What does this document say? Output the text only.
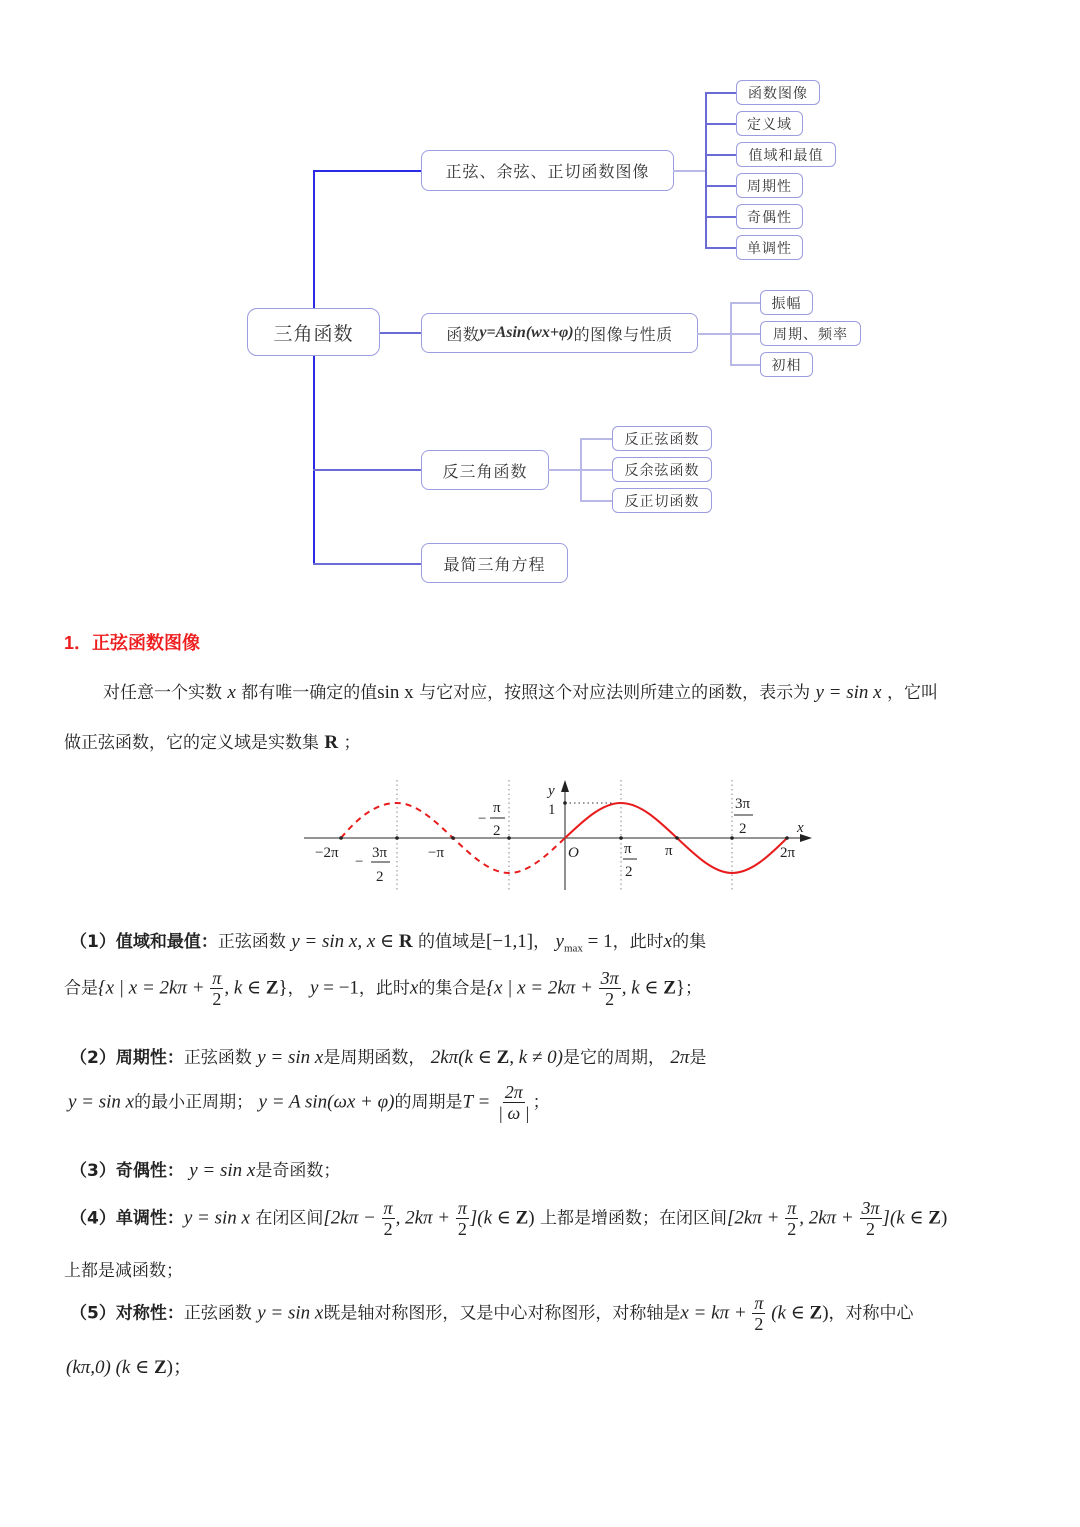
三角函数
正弦、余弦、正切函数图像
函数图像
定义域
值域和最值
周期性
奇偶性
单调性
函数 y=Asin(wx+φ) 的图像与性质
振幅
周期、频率
初相
反三角函数
反正弦函数
反余弦函数
反正切函数
最简三角方程
1．正弦函数图像
对任意一个实数 x 都有唯一确定的值sin x 与它对应，按照这个对应法则所建立的函数，表示为 y = sin x ，它叫
做正弦函数，它的定义域是实数集 R ；
−2π
−
3π
2
−π
−
π
2
1
y
O	π
2
π
3π
2	x
2π
（1）值域和最值：正弦函数 y = sin x, x ∈ R 的值域是[−1,1]， $y_{max} = 1$，此时x的集
合是{x | $x = 2k\pi + \frac{\pi}{2}$ , k ∈ Z}， y = −1，此时x的集合是{x | $x = 2k\pi + \frac{3\pi}{2}$ , k ∈ Z}；
（2）周期性：正弦函数 y = sin x是周期函数， 2kπ(k ∈ Z, k ≠ 0)是它的周期， 2π是
y = sin x的最小正周期； y = A sin(ωx + φ)的周期是$T = \frac{2\pi}{| \omega |}$ ；
（3）奇偶性： y = sin x是奇函数；
（4）单调性：y = sin x 在闭区间[$2k\pi - \frac{\pi}{2}$ , $2k\pi + \frac{\pi}{2} ](k$ ∈ Z) 上都是增函数；在闭区间[$2k\pi + \frac{\pi}{2}$ , $2k\pi + \frac{3\pi}{2} ](k$ ∈ Z)
上都是减函数；
（5）对称性：正弦函数 y = sin x既是轴对称图形，又是中心对称图形，对称轴是$x = k\pi + \frac{\pi}{2} (k$ ∈ Z)，对称中心
(kπ,0) (k ∈ Z)；
